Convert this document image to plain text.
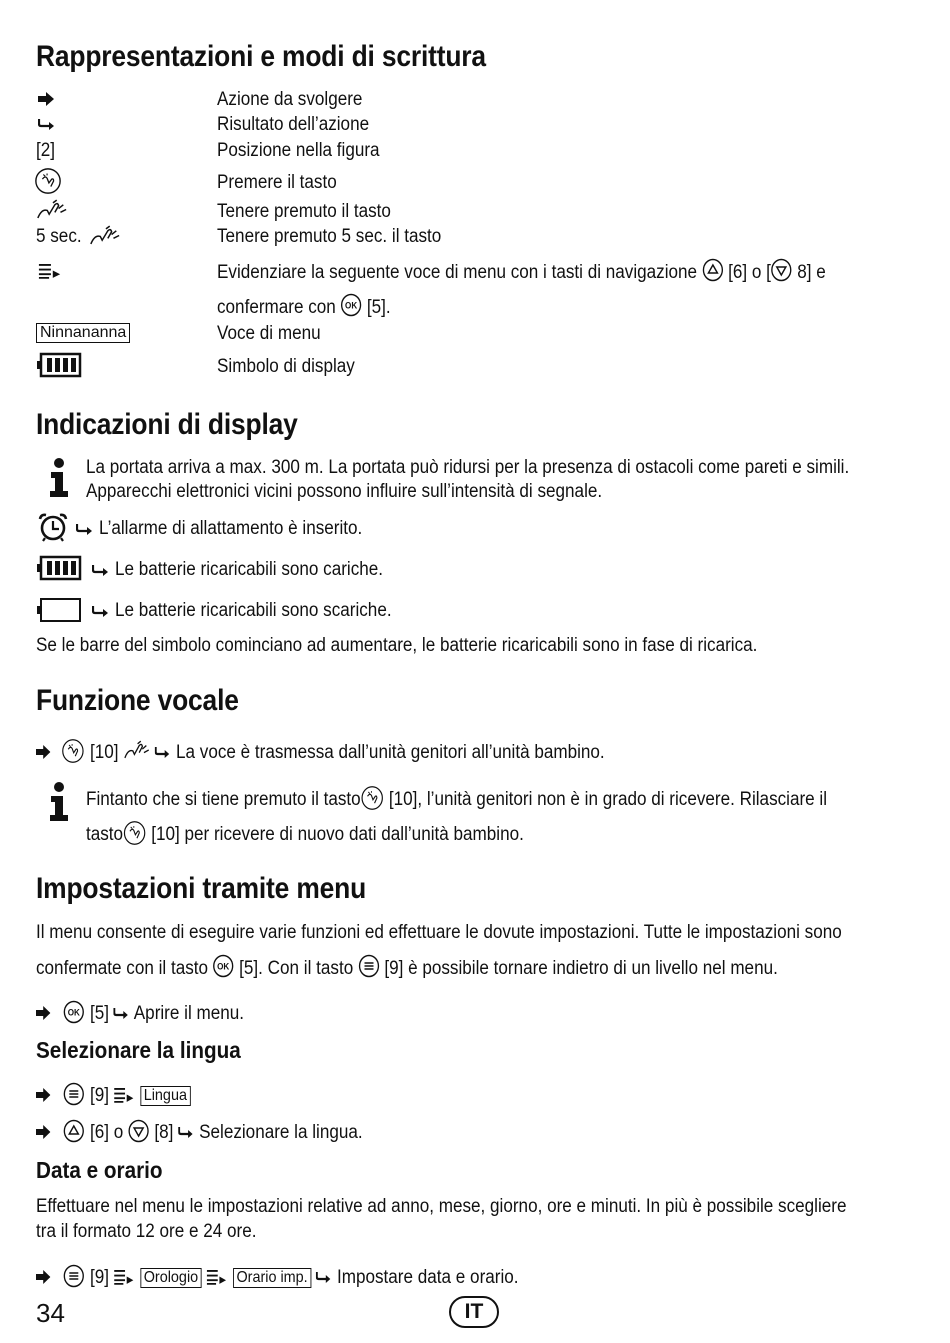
Rappresentazioni e modi di scrittura
Azione da svolgere
Risultato dell’azione
[2]	Posizione nella figura
Premere il tasto
Tenere premuto il tasto
5 sec.	Tenere premuto 5 sec. il tasto
Evidenziare la seguente voce di menu con i tasti di navigazione [6] o [ 8] e
confermare con [5].
Ninnananna	Voce di menu
Simbolo di display
Indicazioni di display
La portata arriva a max. 300 m. La portata può ridursi per la presenza di ostacoli come pareti e simili. Apparecchi elettronici vicini possono influire sull’intensità di segnale.
L’allarme di allattamento è inserito.
Le batterie ricaricabili sono cariche.
Le batterie ricaricabili sono scariche.
Se le barre del simbolo cominciano ad aumentare, le batterie ricaricabili sono in fase di ricarica.
Funzione vocale
[10]
	La voce è trasmessa dall’unità genitori all’unità bambino.
Fintanto che si tiene premuto il tasto [10], l’unità genitori non è in grado di ricevere. Rilasciare il
tasto [10] per ricevere di nuovo dati dall’unità bambino.
Impostazioni tramite menu
Il menu consente di eseguire varie funzioni ed effettuare le dovute impostazioni. Tutte le impostazioni sono
confermate con il tasto [5]. Con il tasto [9] è possibile tornare indietro di un livello nel menu.
[5] Aprire il menu.
Selezionare la lingua
[9] Lingua
[6] o [8] Selezionare la lingua.
Data e orario
Effettuare nel menu le impostazioni relative ad anno, mese, giorno, ore e minuti. In più è possibile scegliere
tra il formato 12 ore e 24 ore.
[9] Orologio Orario imp. Impostare data e orario.
34	IT
